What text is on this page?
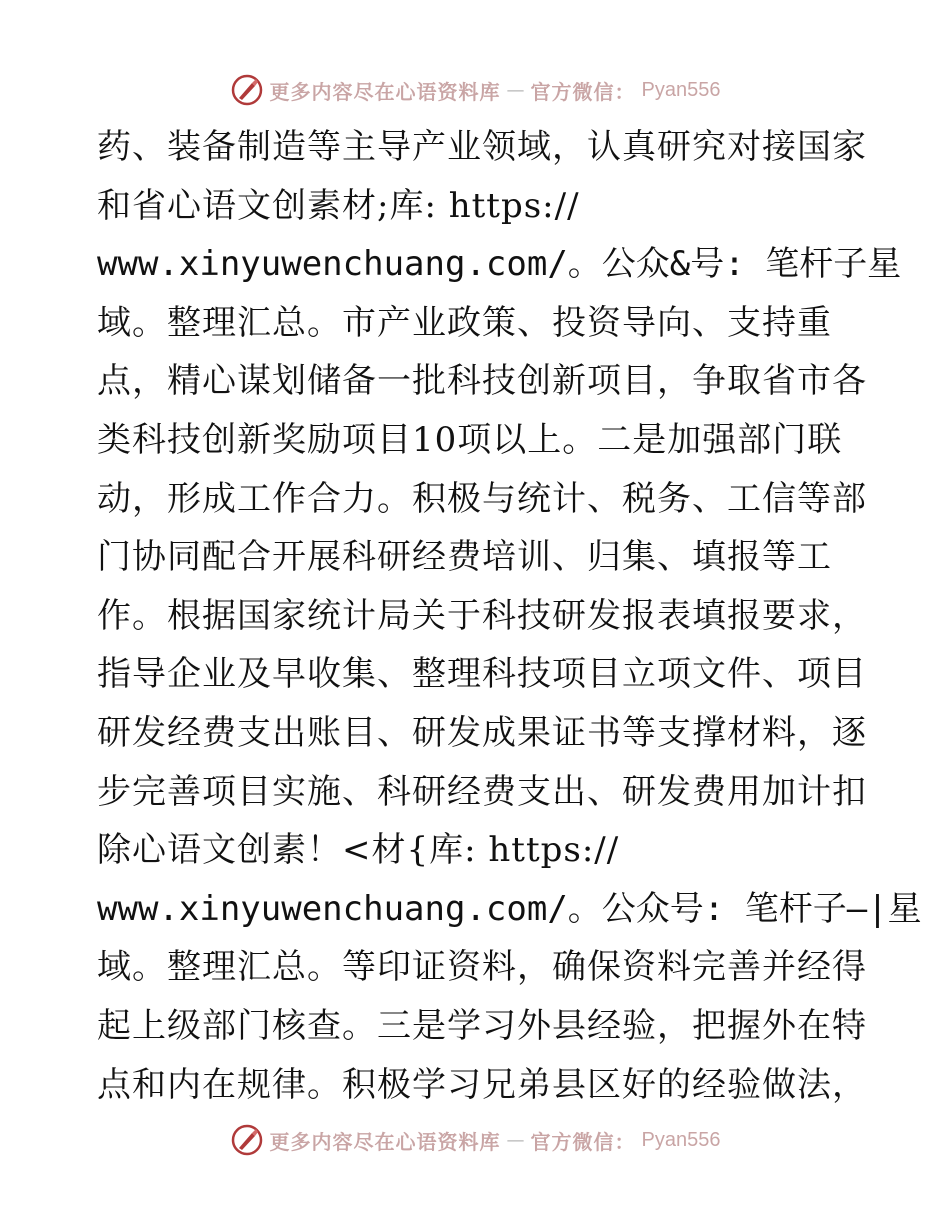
更多内容尽在心语资料库 — 官方微信： Pyan556
药、装备制造等主导产业领域，认真研究对接国家
和省心语文创素材;库: https://
www.xinyuwenchuang.com/。公众&号: 笔杆子星
域。整理汇总。市产业政策、投资导向、支持重
点，精心谋划储备一批科技创新项目，争取省市各
类科技创新奖励项目10项以上。二是加强部门联
动，形成工作合力。积极与统计、税务、工信等部
门协同配合开展科研经费培训、归集、填报等工
作。根据国家统计局关于科技研发报表填报要求，
指导企业及早收集、整理科技项目立项文件、项目
研发经费支出账目、研发成果证书等支撑材料，逐
步完善项目实施、科研经费支出、研发费用加计扣
除心语文创素！<材{库: https://
www.xinyuwenchuang.com/。公众号: 笔杆子—|星
域。整理汇总。等印证资料，确保资料完善并经得
起上级部门核查。三是学习外县经验，把握外在特
点和内在规律。积极学习兄弟县区好的经验做法，
更多内容尽在心语资料库 — 官方微信： Pyan556
